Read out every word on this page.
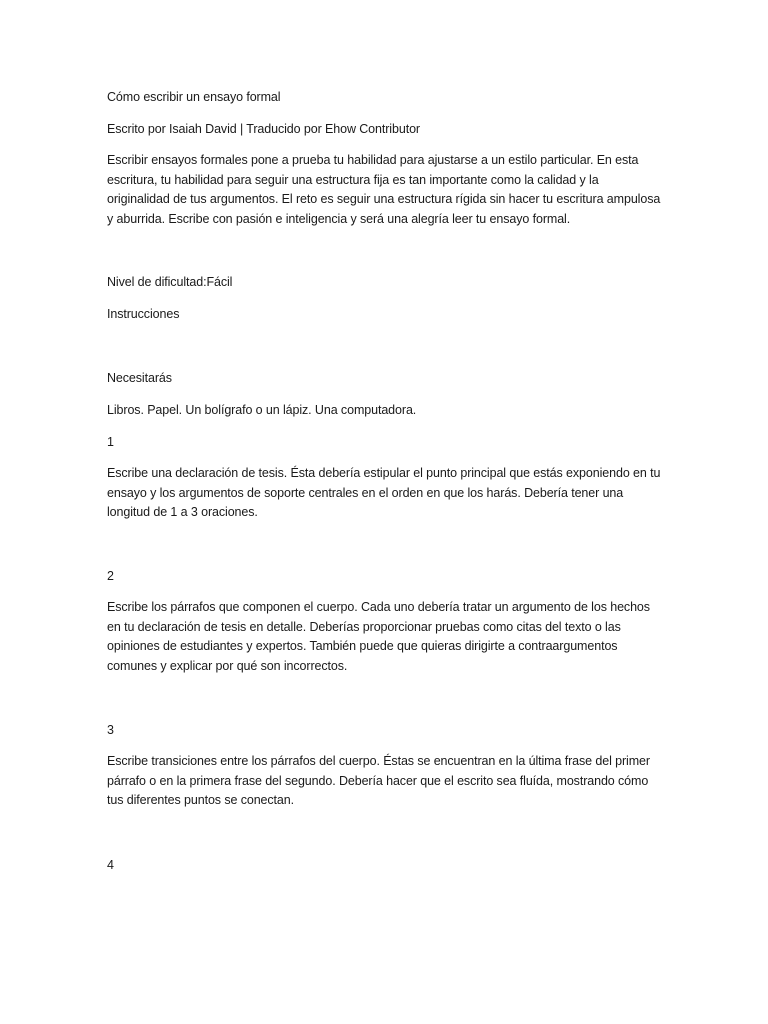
Cómo escribir un ensayo formal

Escrito por Isaiah David | Traducido por Ehow Contributor

Escribir ensayos formales pone a prueba tu habilidad para ajustarse a un estilo particular. En esta escritura, tu habilidad para seguir una estructura fija es tan importante como la calidad y la originalidad de tus argumentos. El reto es seguir una estructura rígida sin hacer tu escritura ampulosa y aburrida. Escribe con pasión e inteligencia y será una alegría leer tu ensayo formal.

Nivel de dificultad:Fácil

Instrucciones

Necesitarás

Libros. Papel. Un bolígrafo o un lápiz. Una computadora.

1

Escribe una declaración de tesis. Ésta debería estipular el punto principal que estás exponiendo en tu ensayo y los argumentos de soporte centrales en el orden en que los harás. Debería tener una longitud de 1 a 3 oraciones.

2

Escribe los párrafos que componen el cuerpo. Cada uno debería tratar un argumento de los hechos en tu declaración de tesis en detalle. Deberías proporcionar pruebas como citas del texto o las opiniones de estudiantes y expertos. También puede que quieras dirigirte a contraargumentos comunes y explicar por qué son incorrectos.

3

Escribe transiciones entre los párrafos del cuerpo. Éstas se encuentran en la última frase del primer párrafo o en la primera frase del segundo. Debería hacer que el escrito sea fluída, mostrando cómo tus diferentes puntos se conectan.

4
